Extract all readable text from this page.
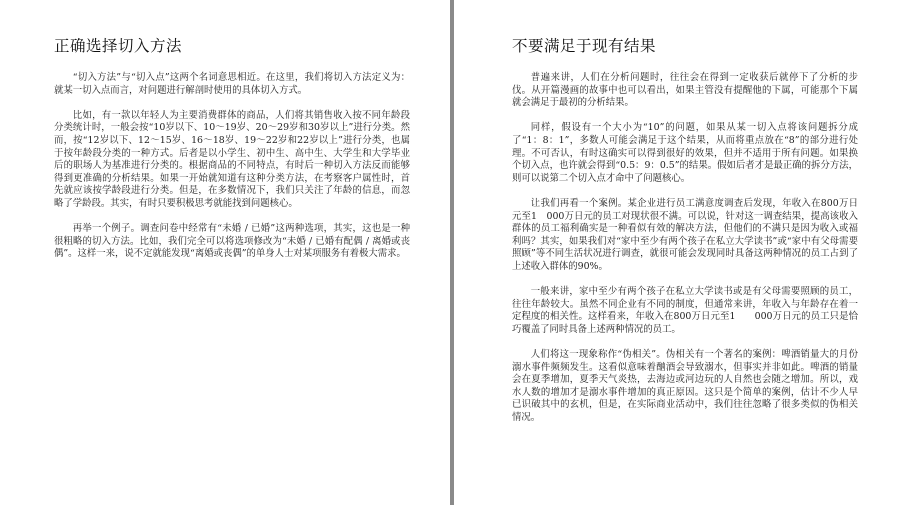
正确选择切入方法

“切入方法”与“切入点”这两个名词意思相近。在这里，我们将切入方法定义为：就某一切入点而言，对问题进行解剖时使用的具体切入方式。

比如，有一款以年轻人为主要消费群体的商品，人们将其销售收入按不同年龄段分类统计时，一般会按“10岁以下、10～19岁、20～29岁和30岁以上”进行分类。然而，按“12岁以下、12～15岁、16～18岁、19～22岁和22岁以上”进行分类，也属于按年龄段分类的一种方式。后者是以小学生、初中生、高中生、大学生和大学毕业后的职场人为基准进行分类的。根据商品的不同特点，有时后一种切入方法反而能够得到更准确的分析结果。如果一开始就知道有这种分类方法，在考察客户属性时，首先就应该按学龄段进行分类。但是，在多数情况下，我们只关注了年龄的信息，而忽略了学龄段。其实，有时只要积极思考就能找到问题核心。

再举一个例子。调查问卷中经常有“未婚 / 已婚”这两种选项，其实，这也是一种很粗略的切入方法。比如，我们完全可以将选项修改为“未婚 / 已婚有配偶 / 离婚或丧偶”。这样一来，说不定就能发现“离婚或丧偶”的单身人士对某项服务有着极大需求。

不要满足于现有结果

普遍来讲，人们在分析问题时，往往会在得到一定收获后就停下了分析的步伐。从开篇漫画的故事中也可以看出，如果主管没有提醒他的下属，可能那个下属就会满足于最初的分析结果。

同样，假设有一个大小为“10”的问题，如果从某一切入点将该问题拆分成了“1：8：1”，多数人可能会满足于这个结果，从而将重点放在“8”的部分进行处理。不可否认，有时这确实可以得到很好的效果，但并不适用于所有问题。如果换个切入点，也许就会得到“0.5：9：0.5”的结果。假如后者才是最正确的拆分方法，则可以说第二个切入点才命中了问题核心。

让我们再看一个案例。某企业进行员工满意度调查后发现，年收入在800万日元至1　000万日元的员工对现状很不满。可以说，针对这一调查结果，提高该收入群体的员工福利确实是一种看似有效的解决方法，但他们的不满只是因为收入或福利吗？其实，如果我们对“家中至少有两个孩子在私立大学读书”或“家中有父母需要照顾”等不同生活状况进行调查，就很可能会发现同时具备这两种情况的员工占到了上述收入群体的90%。

一般来讲，家中至少有两个孩子在私立大学读书或是有父母需要照顾的员工，往往年龄较大。虽然不同企业有不同的制度，但通常来讲，年收入与年龄存在着一定程度的相关性。这样看来，年收入在800万日元至1　　000万日元的员工只是恰巧覆盖了同时具备上述两种情况的员工。

人们将这一现象称作“伪相关”。伪相关有一个著名的案例：啤酒销量大的月份溺水事件频频发生。这看似意味着酗酒会导致溺水，但事实并非如此。啤酒的销量会在夏季增加，夏季天气炎热，去海边或河边玩的人自然也会随之增加。所以，戏水人数的增加才是溺水事件增加的真正原因。这只是个简单的案例，估计不少人早已识破其中的玄机，但是，在实际商业活动中，我们往往忽略了很多类似的伪相关情况。
